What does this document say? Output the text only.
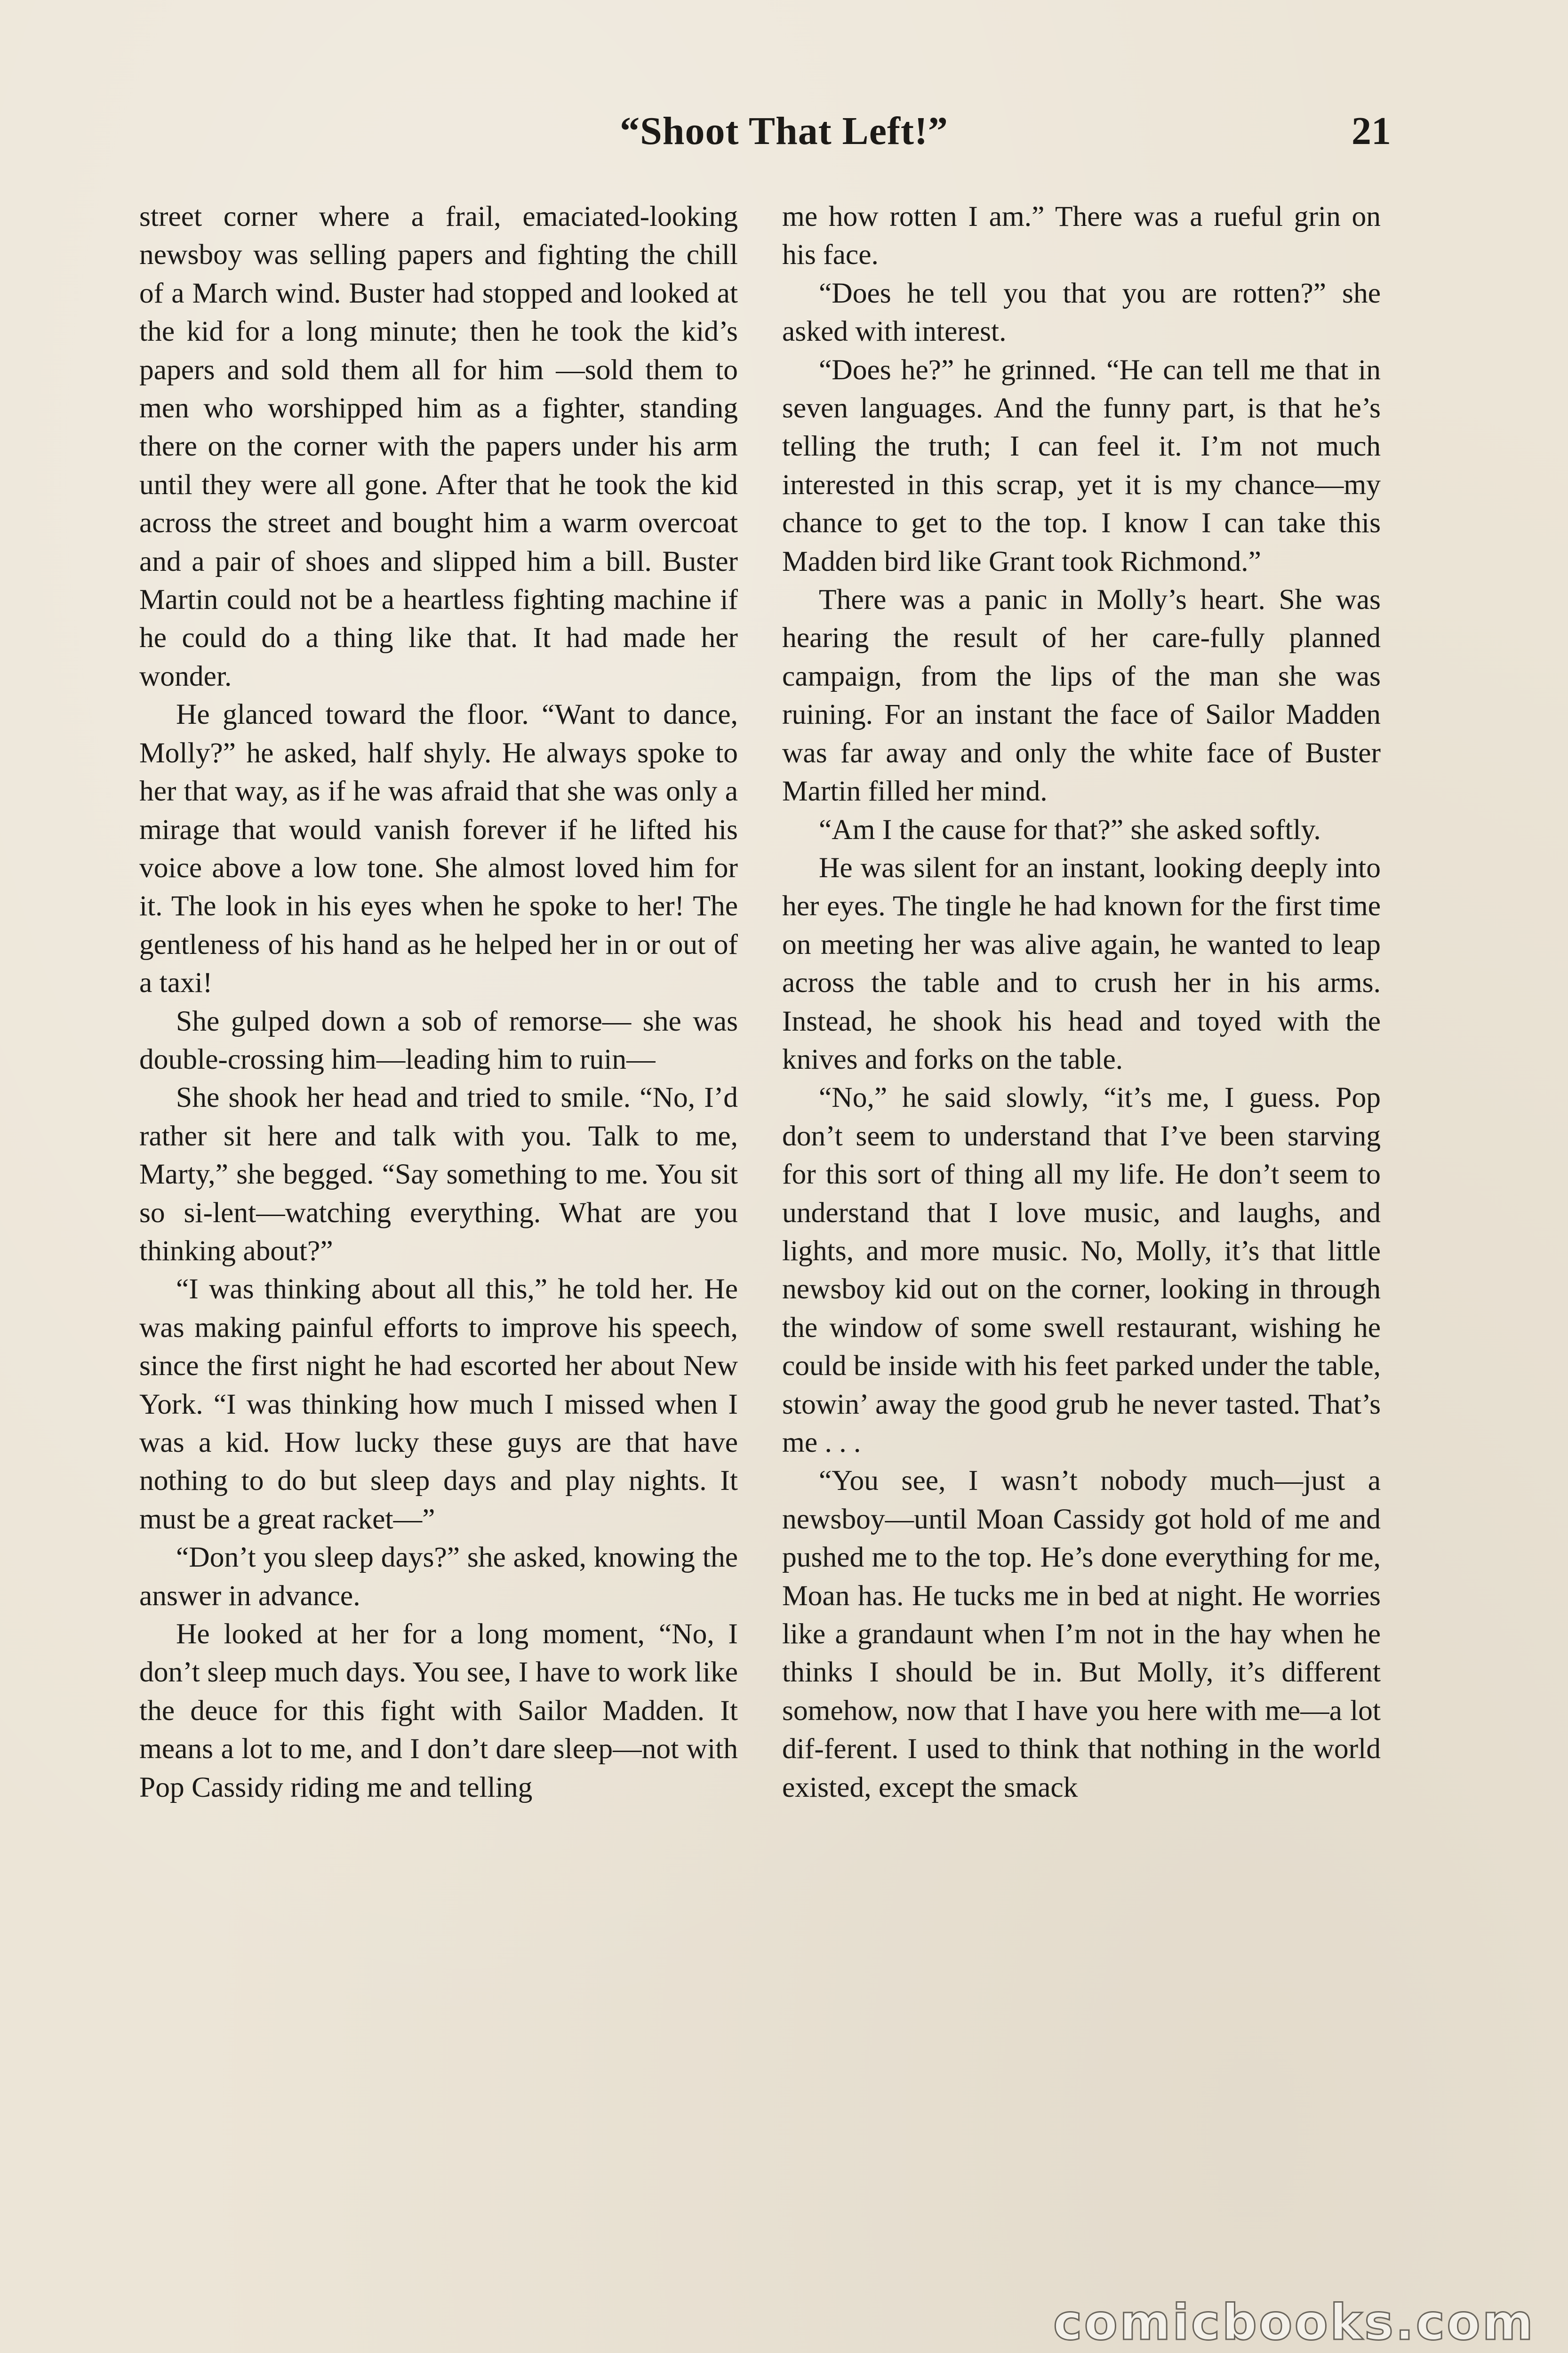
“Shoot That Left!”	21

street corner where a frail, emaciated-looking newsboy was selling papers and fighting the chill of a March wind. Buster had stopped and looked at the kid for a long minute; then he took the kid’s papers and sold them all for him —sold them to men who worshipped him as a fighter, standing there on the corner with the papers under his arm until they were all gone. After that he took the kid across the street and bought him a warm overcoat and a pair of shoes and slipped him a bill. Buster Martin could not be a heartless fighting machine if he could do a thing like that. It had made her wonder.

He glanced toward the floor. “Want to dance, Molly?” he asked, half shyly. He always spoke to her that way, as if he was afraid that she was only a mirage that would vanish forever if he lifted his voice above a low tone. She almost loved him for it. The look in his eyes when he spoke to her! The gentleness of his hand as he helped her in or out of a taxi!

She gulped down a sob of remorse— she was double-crossing him—leading him to ruin—

She shook her head and tried to smile. “No, I’d rather sit here and talk with you. Talk to me, Marty,” she begged. “Say something to me. You sit so si-lent—watching everything. What are you thinking about?”

“I was thinking about all this,” he told her. He was making painful efforts to improve his speech, since the first night he had escorted her about New York. “I was thinking how much I missed when I was a kid. How lucky these guys are that have nothing to do but sleep days and play nights. It must be a great racket—”

“Don’t you sleep days?” she asked, knowing the answer in advance.

He looked at her for a long moment, “No, I don’t sleep much days. You see, I have to work like the deuce for this fight with Sailor Madden. It means a lot to me, and I don’t dare sleep—not with Pop Cassidy riding me and telling

me how rotten I am.” There was a rueful grin on his face.

“Does he tell you that you are rotten?” she asked with interest.

“Does he?” he grinned. “He can tell me that in seven languages. And the funny part, is that he’s telling the truth; I can feel it. I’m not much interested in this scrap, yet it is my chance—my chance to get to the top. I know I can take this Madden bird like Grant took Richmond.”

There was a panic in Molly’s heart. She was hearing the result of her care-fully planned campaign, from the lips of the man she was ruining. For an instant the face of Sailor Madden was far away and only the white face of Buster Martin filled her mind.

“Am I the cause for that?” she asked softly.

He was silent for an instant, looking deeply into her eyes. The tingle he had known for the first time on meeting her was alive again, he wanted to leap across the table and to crush her in his arms. Instead, he shook his head and toyed with the knives and forks on the table.

“No,” he said slowly, “it’s me, I guess. Pop don’t seem to understand that I’ve been starving for this sort of thing all my life. He don’t seem to understand that I love music, and laughs, and lights, and more music. No, Molly, it’s that little newsboy kid out on the corner, looking in through the window of some swell restaurant, wishing he could be inside with his feet parked under the table, stowin’ away the good grub he never tasted. That’s me . . .

“You see, I wasn’t nobody much—just a newsboy—until Moan Cassidy got hold of me and pushed me to the top. He’s done everything for me, Moan has. He tucks me in bed at night. He worries like a grandaunt when I’m not in the hay when he thinks I should be in. But Molly, it’s different somehow, now that I have you here with me—a lot dif-ferent. I used to think that nothing in the world existed, except the smack

comicbooks.com
